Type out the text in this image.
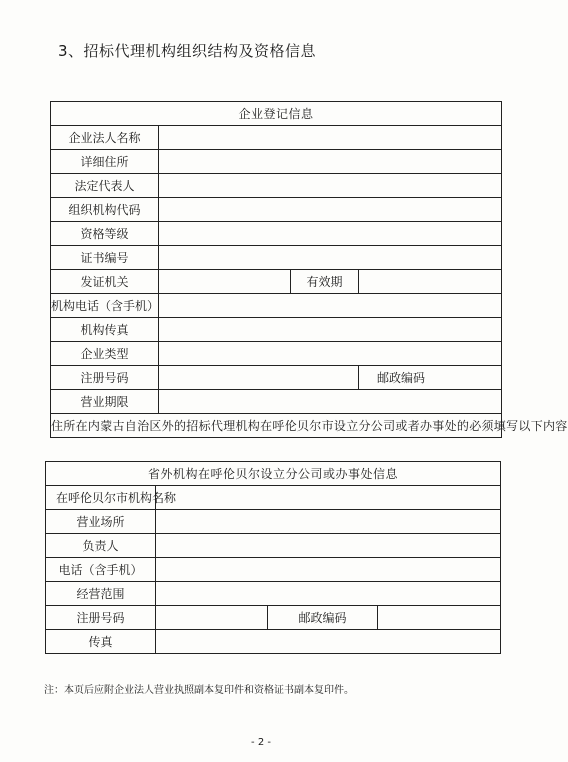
3、招标代理机构组织结构及资格信息
企业登记信息			
企业法人名称			
详细住所			
法定代表人			
组织机构代码			
资格等级			
证书编号			
发证机关		有效期	
机构电话（含手机）			
机构传真			
企业类型			
注册号码			邮政编码
营业期限			
住所在内蒙古自治区外的招标代理机构在呼伦贝尔市设立分公司或者办事处的必须填写以下内容			
省外机构在呼伦贝尔设立分公司或办事处信息			
在呼伦贝尔市机构名称			
营业场所			
负责人			
电话（含手机）			
经营范围			
注册号码		邮政编码	
传真			
注：本页后应附企业法人营业执照副本复印件和资格证书副本复印件。
- 2 -
